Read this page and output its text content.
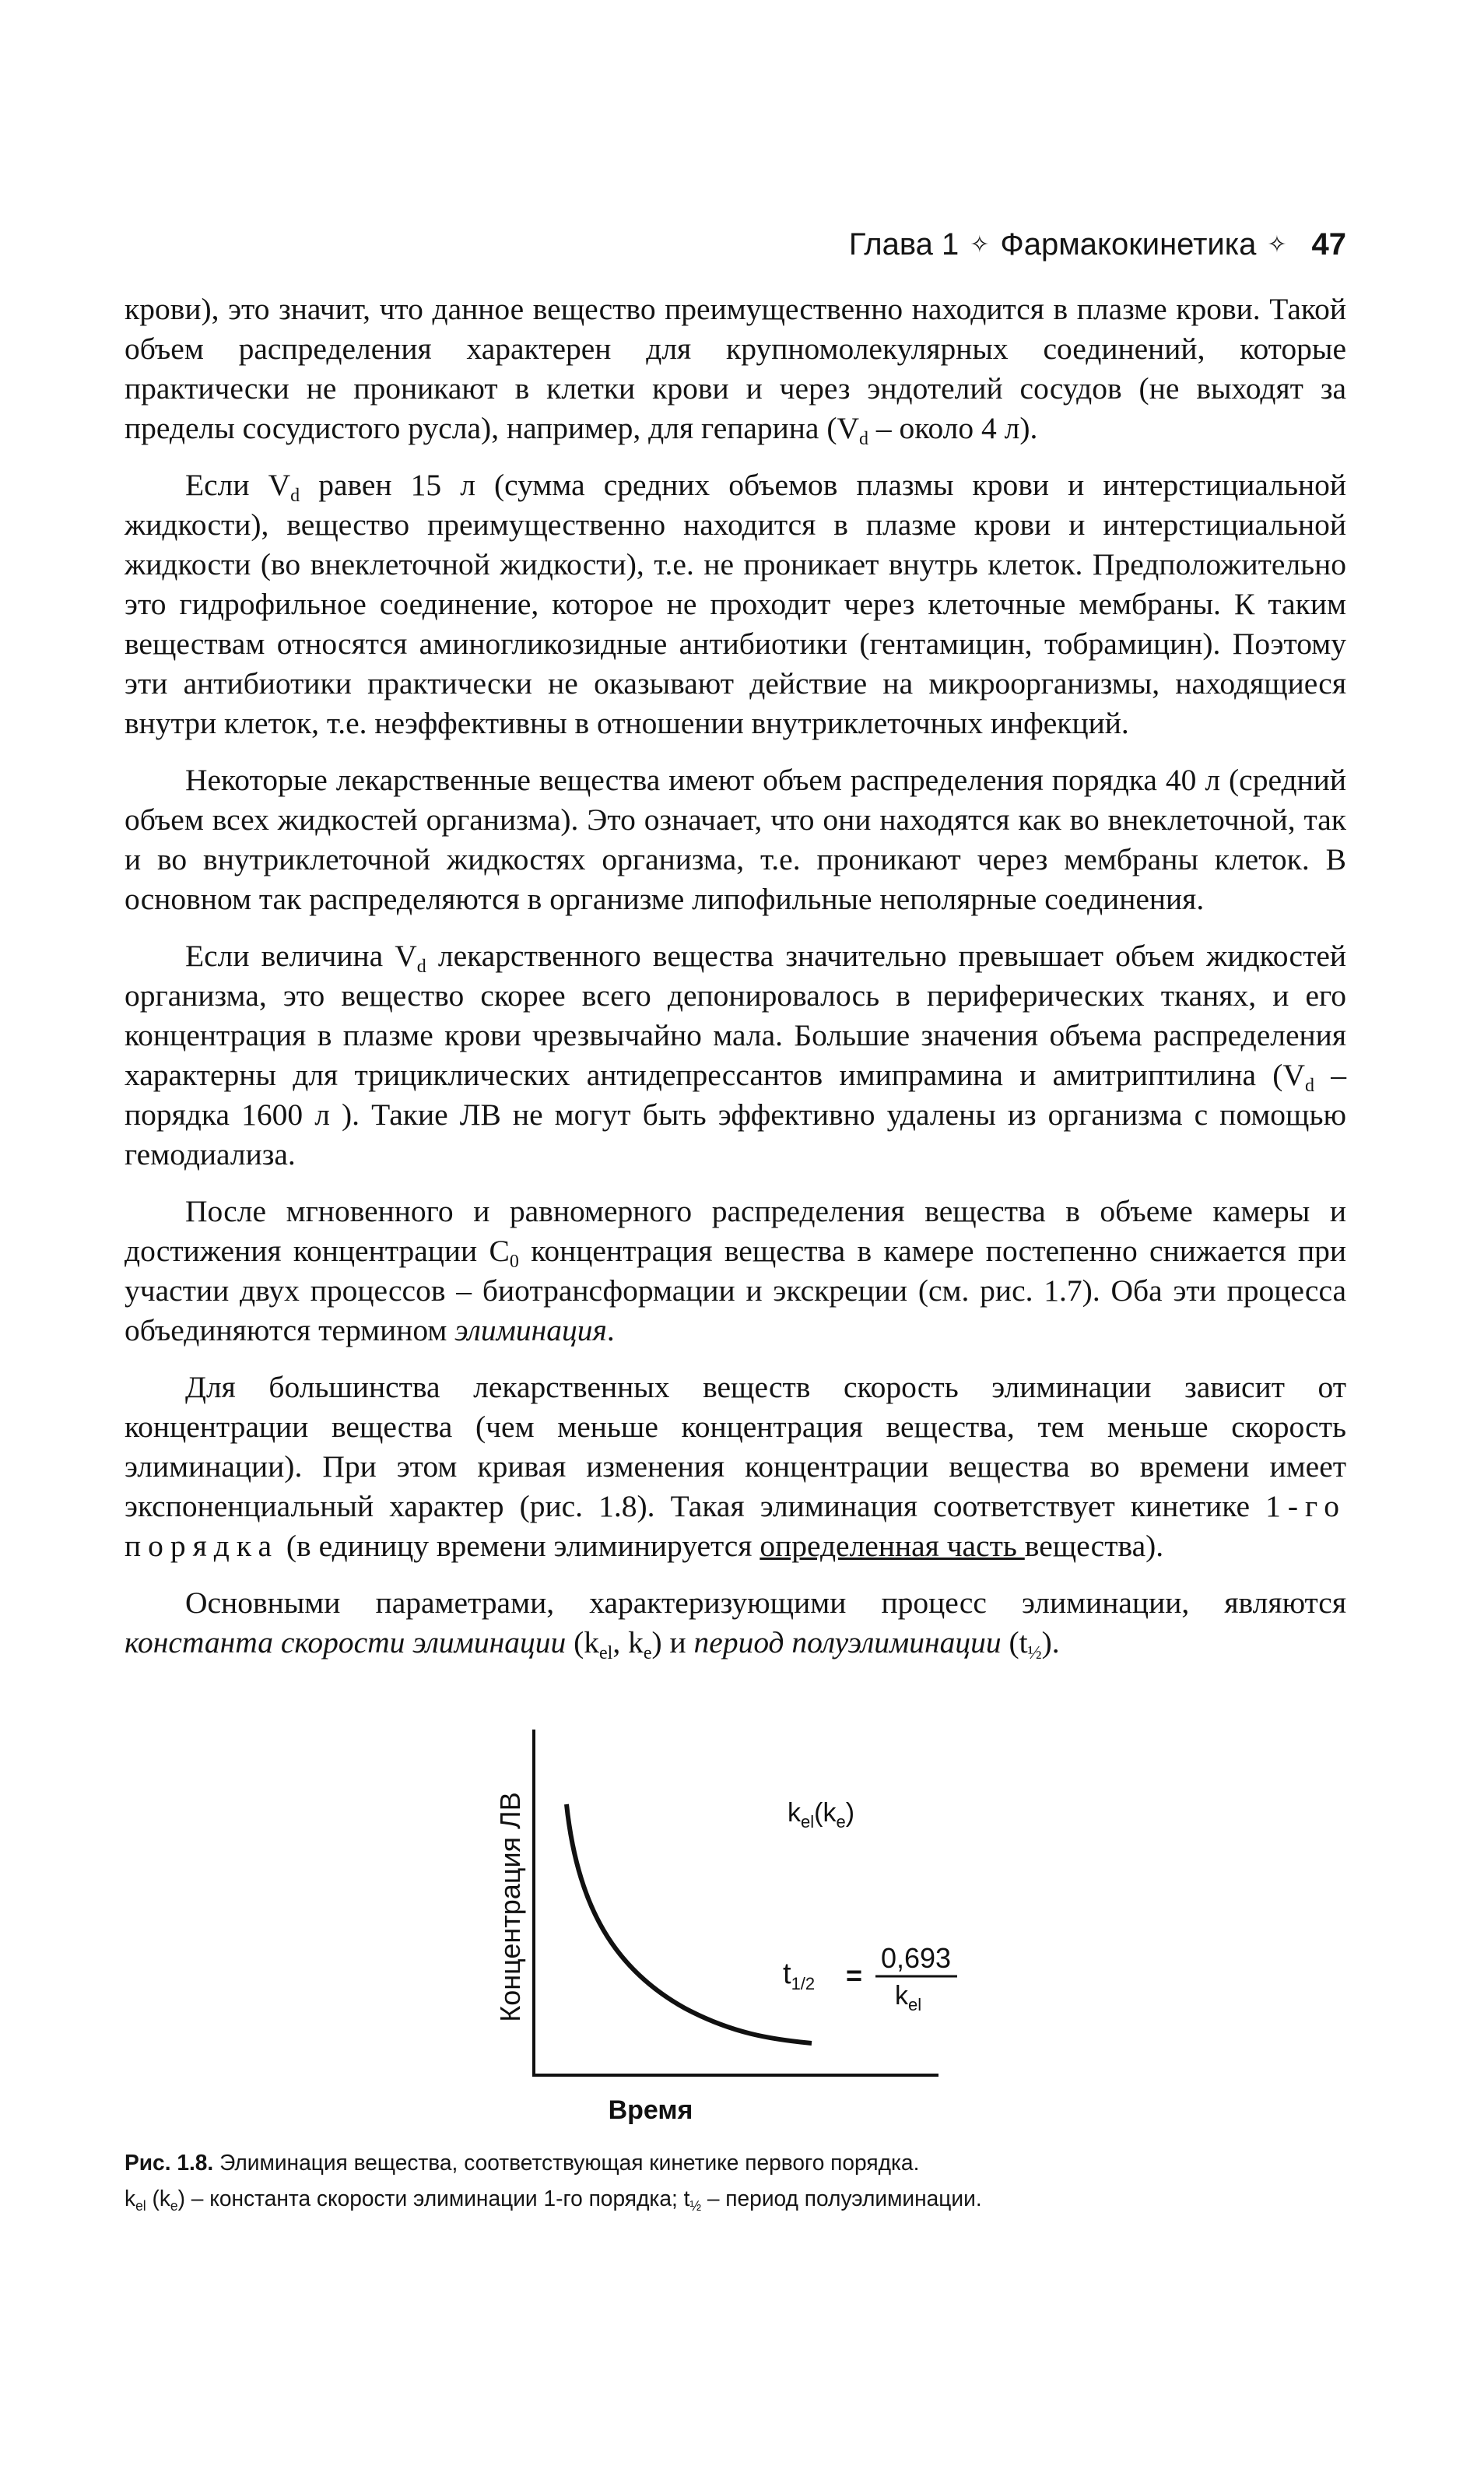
Глава 1 ✧ Фармакокинетика ✧ 47

крови), это значит, что данное вещество преимущественно находится в плазме крови. Такой объем распределения характерен для крупномолекулярных соединений, которые практически не проникают в клетки крови и через эндотелий сосудов (не выходят за пределы сосудистого русла), например, для гепарина ($V_d$ – около 4 л).

Если $V_d$ равен 15 л (сумма средних объемов плазмы крови и интерстициальной жидкости), вещество преимущественно находится в плазме крови и интерстициальной жидкости (во внеклеточной жидкости), т.е. не проникает внутрь клеток. Предположительно это гидрофильное соединение, которое не проходит через клеточные мембраны. К таким веществам относятся аминогликозидные антибиотики (гентамицин, тобрамицин). Поэтому эти антибиотики практически не оказывают действие на микроорганизмы, находящиеся внутри клеток, т.е. неэффективны в отношении внутриклеточных инфекций.

Некоторые лекарственные вещества имеют объем распределения порядка 40 л (средний объем всех жидкостей организма). Это означает, что они находятся как во внеклеточной, так и во внутриклеточной жидкостях организма, т.е. проникают через мембраны клеток. В основном так распределяются в организме липофильные неполярные соединения.

Если величина $V_d$ лекарственного вещества значительно превышает объем жидкостей организма, это вещество скорее всего депонировалось в периферических тканях, и его концентрация в плазме крови чрезвычайно мала. Большие значения объема распределения характерны для трициклических антидепрессантов имипрамина и амитриптилина ($V_d$ – порядка 1600 л ). Такие ЛВ не могут быть эффективно удалены из организма с помощью гемодиализа.

После мгновенного и равномерного распределения вещества в объеме камеры и достижения концентрации $C_0$ концентрация вещества в камере постепенно снижается при участии двух процессов – биотрансформации и экскреции (см. рис. 1.7). Оба эти процесса объединяются термином элиминация.

Для большинства лекарственных веществ скорость элиминации зависит от концентрации вещества (чем меньше концентрация вещества, тем меньше скорость элиминации). При этом кривая изменения концентрации вещества во времени имеет экспоненциальный характер (рис. 1.8). Такая элиминация соответствует кинетике 1-го порядка (в единицу времени элиминируется определенная часть вещества).

Основными параметрами, характеризующими процесс элиминации, являются константа скорости элиминации ($k_{el}$, $k_e$) и период полуэлиминации $(t_{\frac{1}{2}})$.

Концентрация ЛВ
Время
$k_{el}(k_e)$
$t_{1/2}$ =
0,693
$k_{el}$
Рис. 1.8. Элиминация вещества, соответствующая кинетике первого порядка.
$k_{el}$ $(k_e)$ – константа скорости элиминации 1-го порядка; $t_{\frac{1}{2}}$ – период полуэлиминации.
